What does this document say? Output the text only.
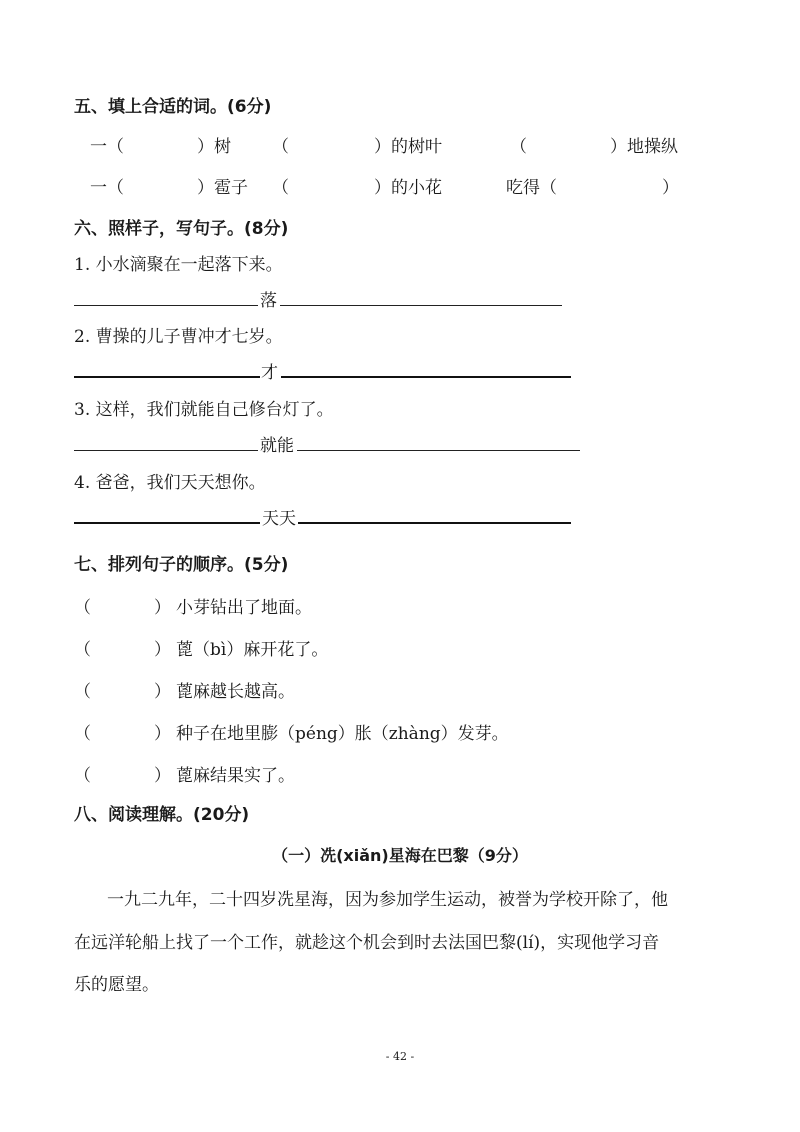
五、填上合适的词。(6分)
一（	）树 （	）的树叶	（	）地操纵
一（	）雹子 （	）的小花	吃得（	）
六、照样子，写句子。(8分)
1. 小水滴聚在一起落下来。
落
2. 曹操的儿子曹冲才七岁。
才
3. 这样，我们就能自己修台灯了。
就能
4. 爸爸，我们天天想你。
天天
七、排列句子的顺序。(5分)
（	） 小芽钻出了地面。
（	） 蓖（bì）麻开花了。
（	） 蓖麻越长越高。
（	） 种子在地里膨（péng）胀（zhàng）发芽。
（	） 蓖麻结果实了。
八、阅读理解。(20分)
（一）冼(xiǎn)星海在巴黎（9分）
一九二九年，二十四岁冼星海，因为参加学生运动，被誉为学校开除了，他
在远洋轮船上找了一个工作，就趁这个机会到时去法国巴黎(lí)，实现他学习音
乐的愿望。
- 42 -
